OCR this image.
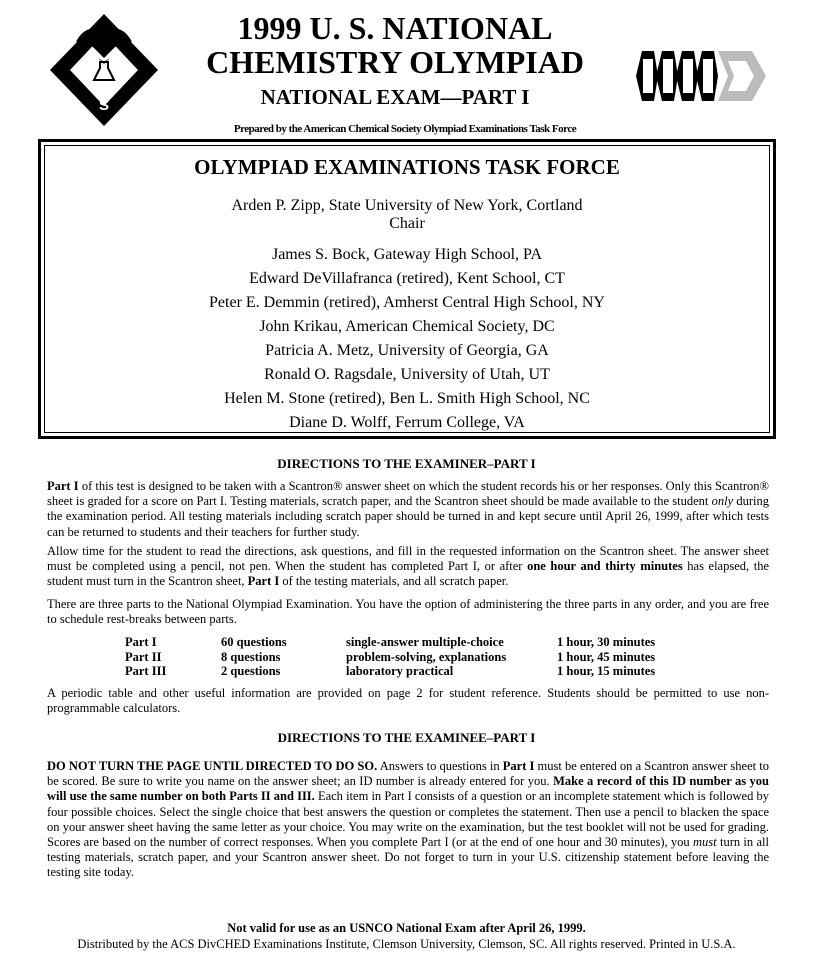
A C
S
1999 U. S. NATIONAL
CHEMISTRY OLYMPIAD
NATIONAL EXAM—PART I
Prepared by the American Chemical Society Olympiad Examinations Task Force
OLYMPIAD EXAMINATIONS TASK FORCE
Arden P. Zipp, State University of New York, Cortland
Chair
James S. Bock, Gateway High School, PA
Edward DeVillafranca (retired), Kent School, CT
Peter E. Demmin (retired), Amherst Central High School, NY
John Krikau, American Chemical Society, DC
Patricia A. Metz, University of Georgia, GA
Ronald O. Ragsdale, University of Utah, UT
Helen M. Stone (retired), Ben L. Smith High School, NC
Diane D. Wolff, Ferrum College, VA
DIRECTIONS TO THE EXAMINER–PART I
Part I of this test is designed to be taken with a Scantron® answer sheet on which the student records his or her responses. Only this Scantron® sheet is graded for a score on Part I. Testing materials, scratch paper, and the Scantron sheet should be made available to the student only during the examination period. All testing materials including scratch paper should be turned in and kept secure until April 26, 1999, after which tests can be returned to students and their teachers for further study.
Allow time for the student to read the directions, ask questions, and fill in the requested information on the Scantron sheet. The answer sheet must be completed using a pencil, not pen. When the student has completed Part I, or after one hour and thirty minutes has elapsed, the student must turn in the Scantron sheet, Part I of the testing materials, and all scratch paper.
There are three parts to the National Olympiad Examination. You have the option of administering the three parts in any order, and you are free to schedule rest-breaks between parts.
Part I	60 questions	single-answer multiple-choice	1 hour, 30 minutes
Part II	8 questions	problem-solving, explanations	1 hour, 45 minutes
Part III	2 questions	laboratory practical	1 hour, 15 minutes
A periodic table and other useful information are provided on page 2 for student reference. Students should be permitted to use non-programmable calculators.
DIRECTIONS TO THE EXAMINEE–PART I
DO NOT TURN THE PAGE UNTIL DIRECTED TO DO SO. Answers to questions in Part I must be entered on a Scantron answer sheet to be scored. Be sure to write you name on the answer sheet; an ID number is already entered for you. Make a record of this ID number as you will use the same number on both Parts II and III. Each item in Part I consists of a question or an incomplete statement which is followed by four possible choices. Select the single choice that best answers the question or completes the statement. Then use a pencil to blacken the space on your answer sheet having the same letter as your choice. You may write on the examination, but the test booklet will not be used for grading. Scores are based on the number of correct responses. When you complete Part I (or at the end of one hour and 30 minutes), you must turn in all testing materials, scratch paper, and your Scantron answer sheet. Do not forget to turn in your U.S. citizenship statement before leaving the testing site today.
Not valid for use as an USNCO National Exam after April 26, 1999.
Distributed by the ACS DivCHED Examinations Institute, Clemson University, Clemson, SC. All rights reserved. Printed in U.S.A.
